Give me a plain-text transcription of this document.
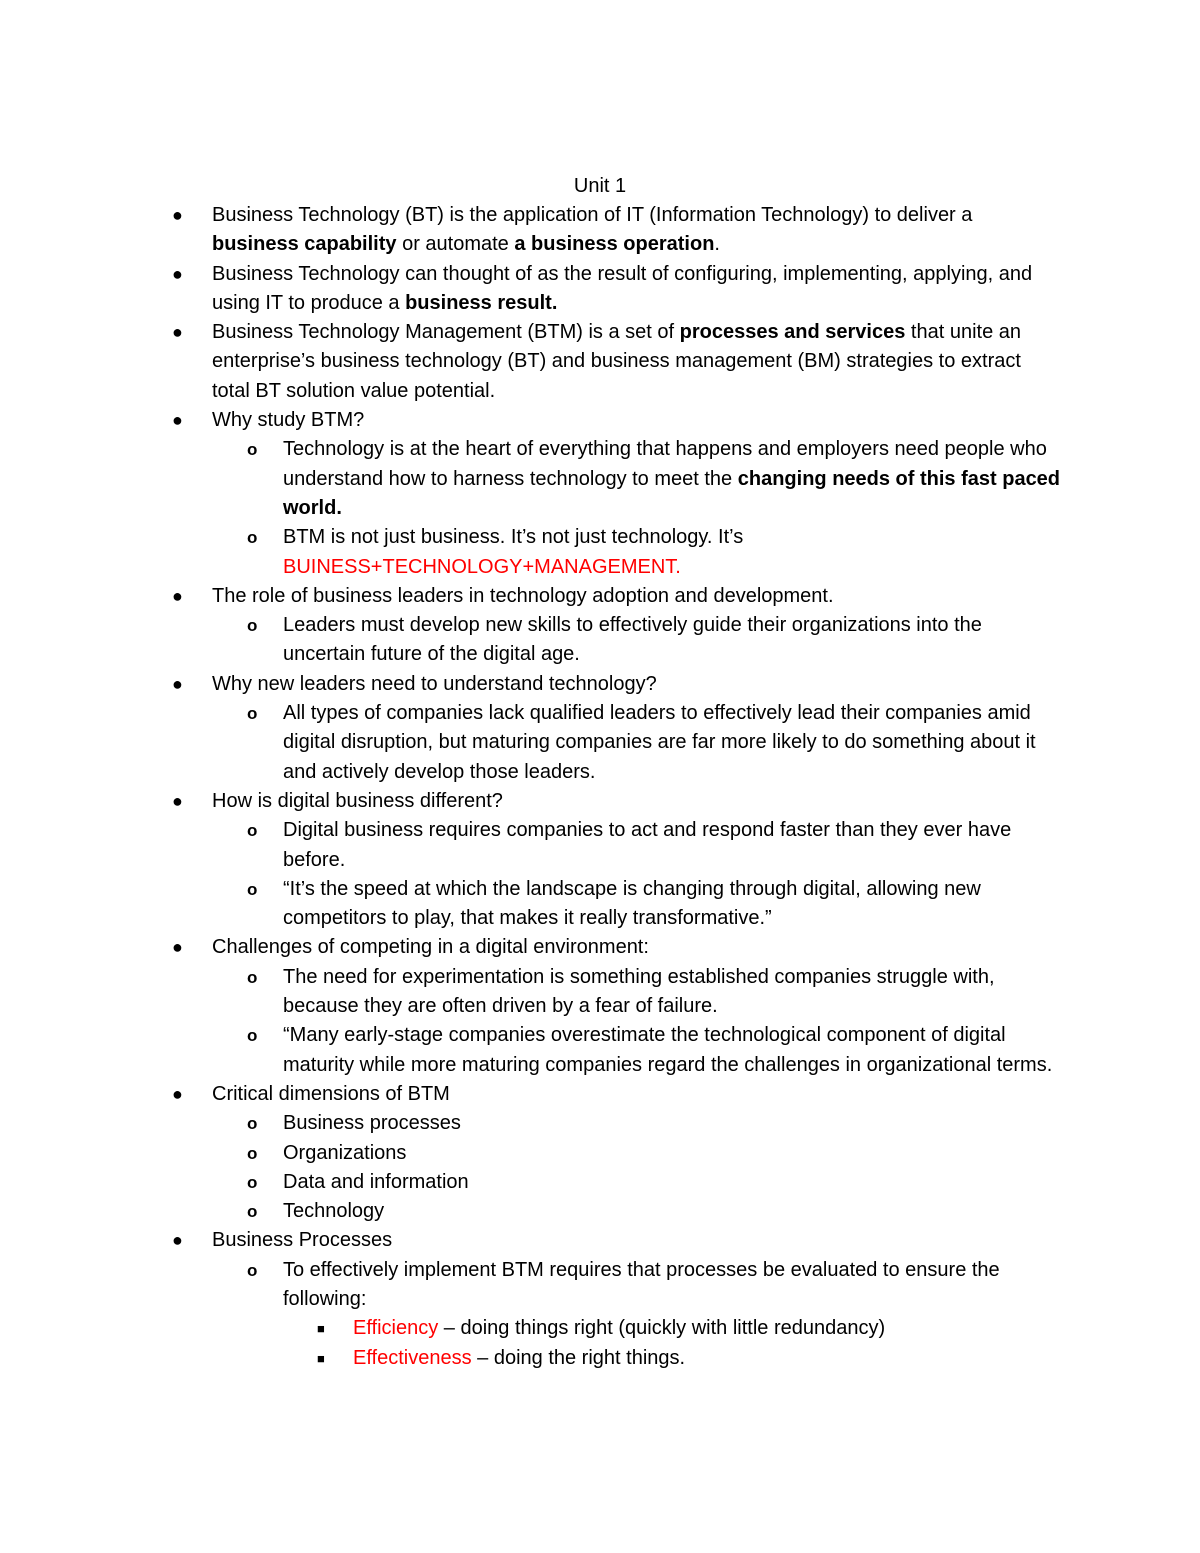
Unit 1
● Business Technology (BT) is the application of IT (Information Technology) to deliver a business capability or automate a business operation.
● Business Technology can thought of as the result of configuring, implementing, applying, and using IT to produce a business result.
● Business Technology Management (BTM) is a set of processes and services that unite an enterprise’s business technology (BT) and business management (BM) strategies to extract total BT solution value potential.
● Why study BTM?
o Technology is at the heart of everything that happens and employers need people who understand how to harness technology to meet the changing needs of this fast paced world.
o BTM is not just business. It’s not just technology. It’s BUINESS+TECHNOLOGY+MANAGEMENT.
● The role of business leaders in technology adoption and development.
o Leaders must develop new skills to effectively guide their organizations into the uncertain future of the digital age.
● Why new leaders need to understand technology?
o All types of companies lack qualified leaders to effectively lead their companies amid digital disruption, but maturing companies are far more likely to do something about it and actively develop those leaders.
● How is digital business different?
o Digital business requires companies to act and respond faster than they ever have before.
o “It’s the speed at which the landscape is changing through digital, allowing new competitors to play, that makes it really transformative.”
● Challenges of competing in a digital environment:
o The need for experimentation is something established companies struggle with, because they are often driven by a fear of failure.
o “Many early-stage companies overestimate the technological component of digital maturity while more maturing companies regard the challenges in organizational terms.
● Critical dimensions of BTM
o Business processes
o Organizations
o Data and information
o Technology
● Business Processes
o To effectively implement BTM requires that processes be evaluated to ensure the following:
■ Efficiency – doing things right (quickly with little redundancy)
■ Effectiveness – doing the right things.
